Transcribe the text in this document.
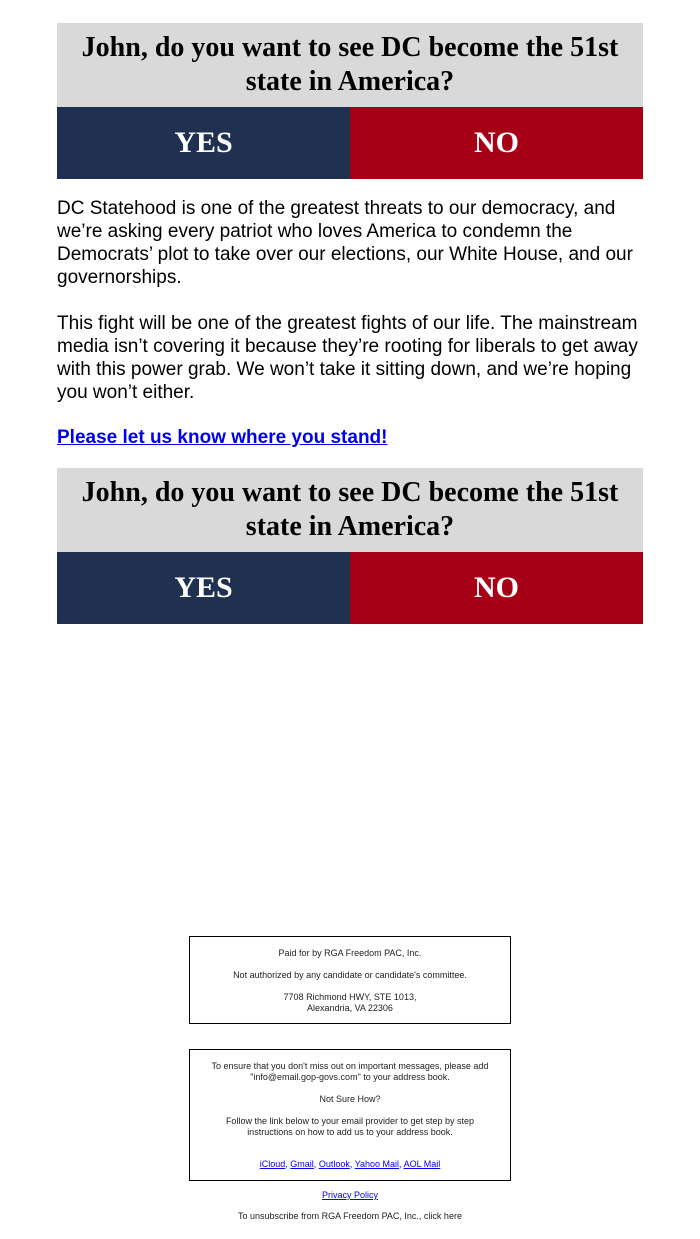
John, do you want to see DC become the 51st state in America?
YES	NO

DC Statehood is one of the greatest threats to our democracy, and we’re asking every patriot who loves America to condemn the Democrats’ plot to take over our elections, our White House, and our governorships.

This fight will be one of the greatest fights of our life. The mainstream media isn’t covering it because they’re rooting for liberals to get away with this power grab. We won’t take it sitting down, and we’re hoping you won’t either.

Please let us know where you stand!
John, do you want to see DC become the 51st state in America?
YES	NO

Paid for by RGA Freedom PAC, Inc.

Not authorized by any candidate or candidate's committee.

7708 Richmond HWY, STE 1013,

Alexandria, VA 22306

To ensure that you don't miss out on important messages, please add "info@email.gop-govs.com" to your address book.

Not Sure How?

Follow the link below to your email provider to get step by step instructions on how to add us to your address book.

iCloud, Gmail, Outlook, Yahoo Mail, AOL Mail

Privacy Policy
To unsubscribe from RGA Freedom PAC, Inc., click here
